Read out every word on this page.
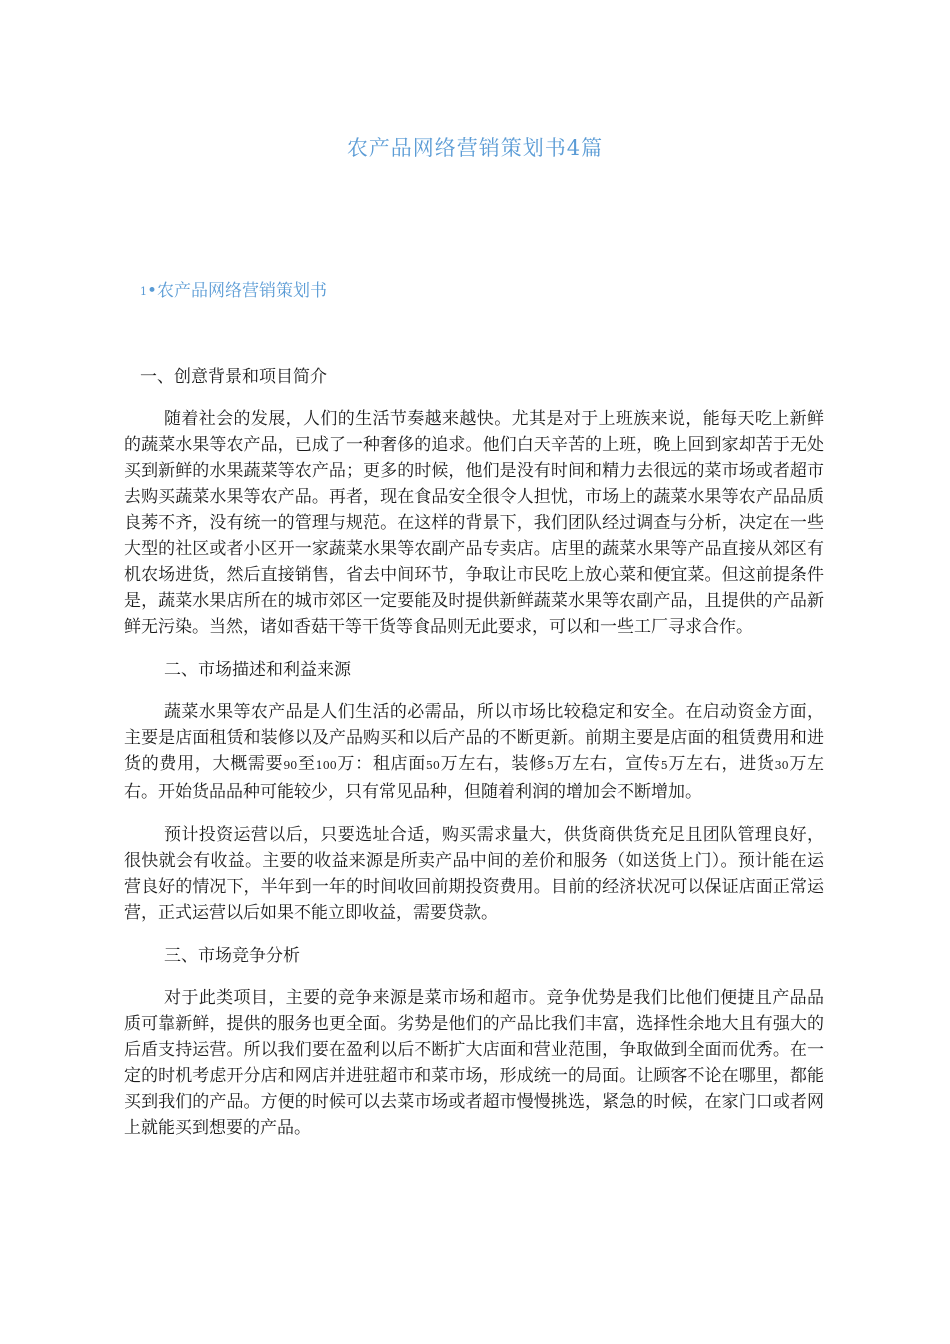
农产品网络营销策划书4篇
1•农产品网络营销策划书
一、创意背景和项目简介

随着社会的发展，人们的生活节奏越来越快。尤其是对于上班族来说，能每天吃上新鲜的蔬菜水果等农产品，已成了一种奢侈的追求。他们白天辛苦的上班，晚上回到家却苦于无处买到新鲜的水果蔬菜等农产品；更多的时候，他们是没有时间和精力去很远的菜市场或者超市去购买蔬菜水果等农产品。再者，现在食品安全很令人担忧，市场上的蔬菜水果等农产品品质良莠不齐，没有统一的管理与规范。在这样的背景下，我们团队经过调查与分析，决定在一些大型的社区或者小区开一家蔬菜水果等农副产品专卖店。店里的蔬菜水果等产品直接从郊区有机农场进货，然后直接销售，省去中间环节，争取让市民吃上放心菜和便宜菜。但这前提条件是，蔬菜水果店所在的城市郊区一定要能及时提供新鲜蔬菜水果等农副产品，且提供的产品新鲜无污染。当然，诸如香菇干等干货等食品则无此要求，可以和一些工厂寻求合作。

二、市场描述和利益来源

蔬菜水果等农产品是人们生活的必需品，所以市场比较稳定和安全。在启动资金方面，主要是店面租赁和装修以及产品购买和以后产品的不断更新。前期主要是店面的租赁费用和进货的费用，大概需要90至100万：租店面50万左右，装修5万左右，宣传5万左右，进货30万左右。开始货品品种可能较少，只有常见品种，但随着利润的增加会不断增加。

预计投资运营以后，只要选址合适，购买需求量大，供货商供货充足且团队管理良好，很快就会有收益。主要的收益来源是所卖产品中间的差价和服务（如送货上门）。预计能在运营良好的情况下，半年到一年的时间收回前期投资费用。目前的经济状况可以保证店面正常运营，正式运营以后如果不能立即收益，需要贷款。

三、市场竞争分析

对于此类项目，主要的竞争来源是菜市场和超市。竞争优势是我们比他们便捷且产品品质可靠新鲜，提供的服务也更全面。劣势是他们的产品比我们丰富，选择性余地大且有强大的后盾支持运营。所以我们要在盈利以后不断扩大店面和营业范围，争取做到全面而优秀。在一定的时机考虑开分店和网店并进驻超市和菜市场，形成统一的局面。让顾客不论在哪里，都能买到我们的产品。方便的时候可以去菜市场或者超市慢慢挑选，紧急的时候，在家门口或者网上就能买到想要的产品。
